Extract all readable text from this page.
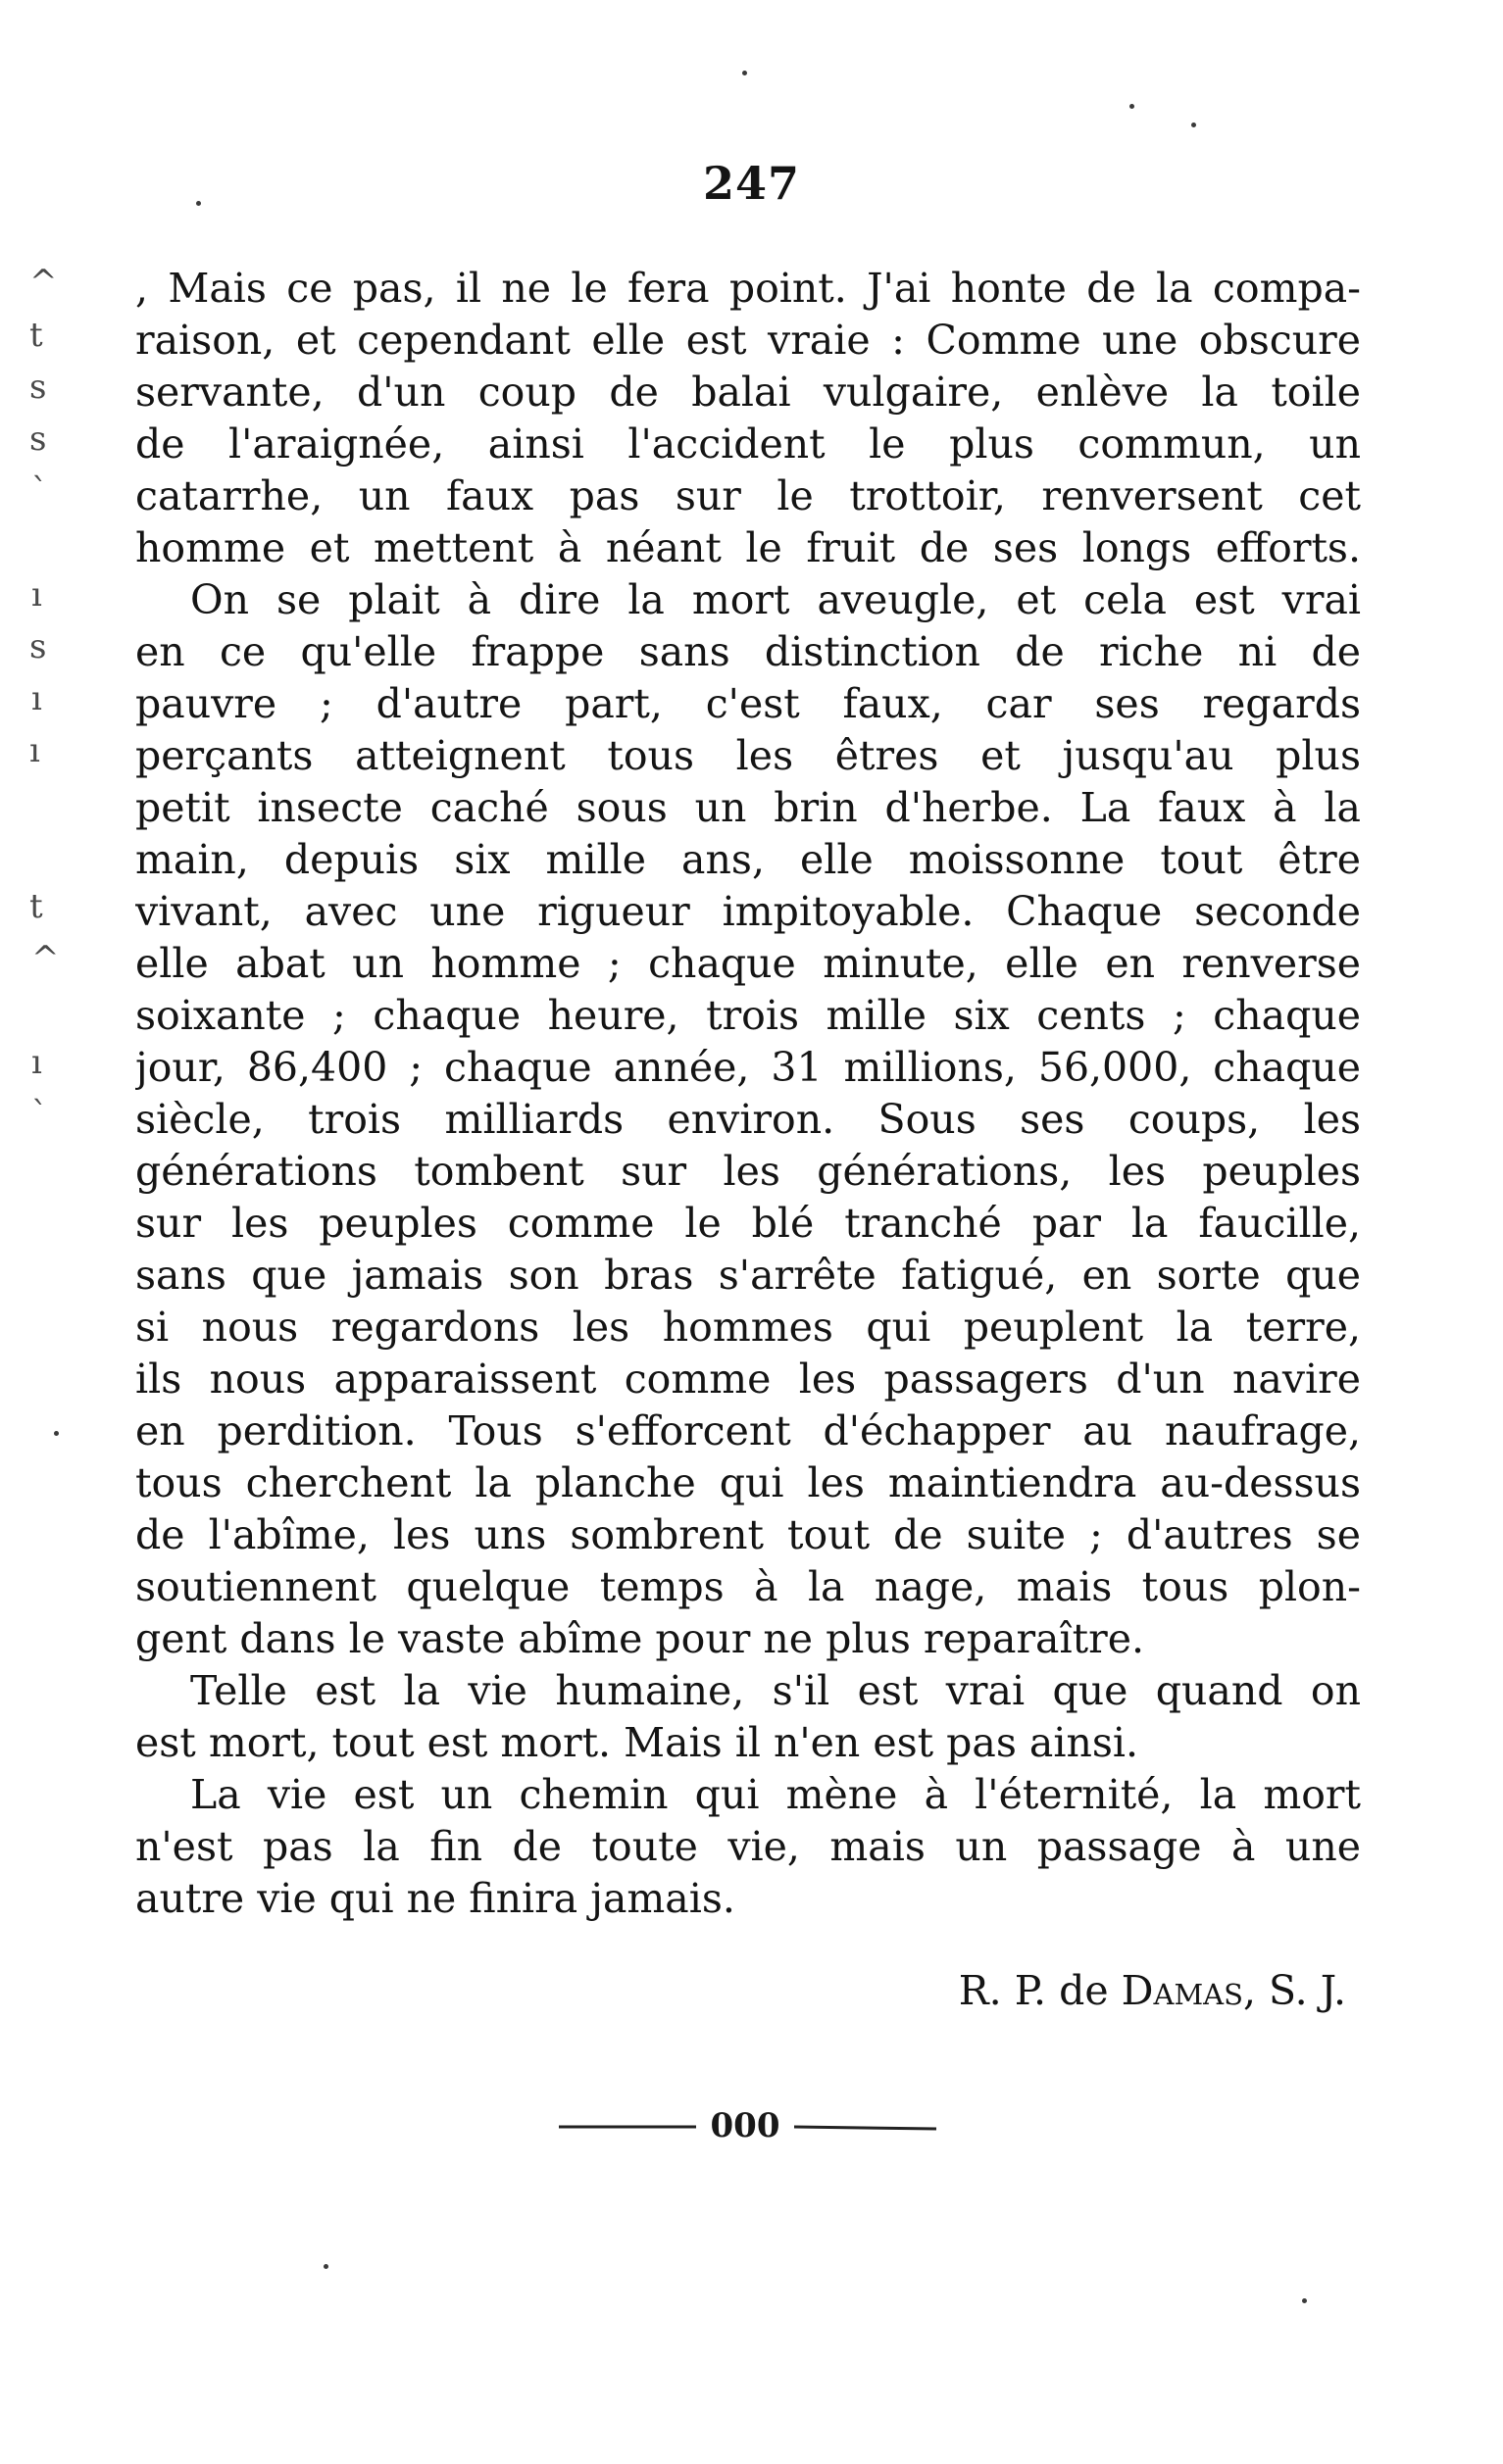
^
t
s
s
`
ı
s
ı
ı
t
^
ı
`
247
, Mais ce pas, il ne le fera point. J'ai honte de la compa-
raison, et cependant elle est vraie : Comme une obscure
servante, d'un coup de balai vulgaire, enlève la toile
de l'araignée, ainsi l'accident le plus commun, un
catarrhe, un faux pas sur le trottoir, renversent cet
homme et mettent à néant le fruit de ses longs efforts.
On se plait à dire la mort aveugle, et cela est vrai
en ce qu'elle frappe sans distinction de riche ni de
pauvre ; d'autre part, c'est faux, car ses regards
perçants atteignent tous les êtres et jusqu'au plus
petit insecte caché sous un brin d'herbe. La faux à la
main, depuis six mille ans, elle moissonne tout être
vivant, avec une rigueur impitoyable. Chaque seconde
elle abat un homme ; chaque minute, elle en renverse
soixante ; chaque heure, trois mille six cents ; chaque
jour, 86,400 ; chaque année, 31 millions, 56,000, chaque
siècle, trois milliards environ. Sous ses coups, les
générations tombent sur les générations, les peuples
sur les peuples comme le blé tranché par la faucille,
sans que jamais son bras s'arrête fatigué, en sorte que
si nous regardons les hommes qui peuplent la terre,
ils nous apparaissent comme les passagers d'un navire
en perdition. Tous s'efforcent d'échapper au naufrage,
tous cherchent la planche qui les maintiendra au-dessus
de l'abîme, les uns sombrent tout de suite ; d'autres se
soutiennent quelque temps à la nage, mais tous plon-
gent dans le vaste abîme pour ne plus reparaître.
Telle est la vie humaine, s'il est vrai que quand on
est mort, tout est mort. Mais il n'en est pas ainsi.
La vie est un chemin qui mène à l'éternité, la mort
n'est pas la fin de toute vie, mais un passage à une
autre vie qui ne finira jamais.
R. P. de Damas, S. J.
000
